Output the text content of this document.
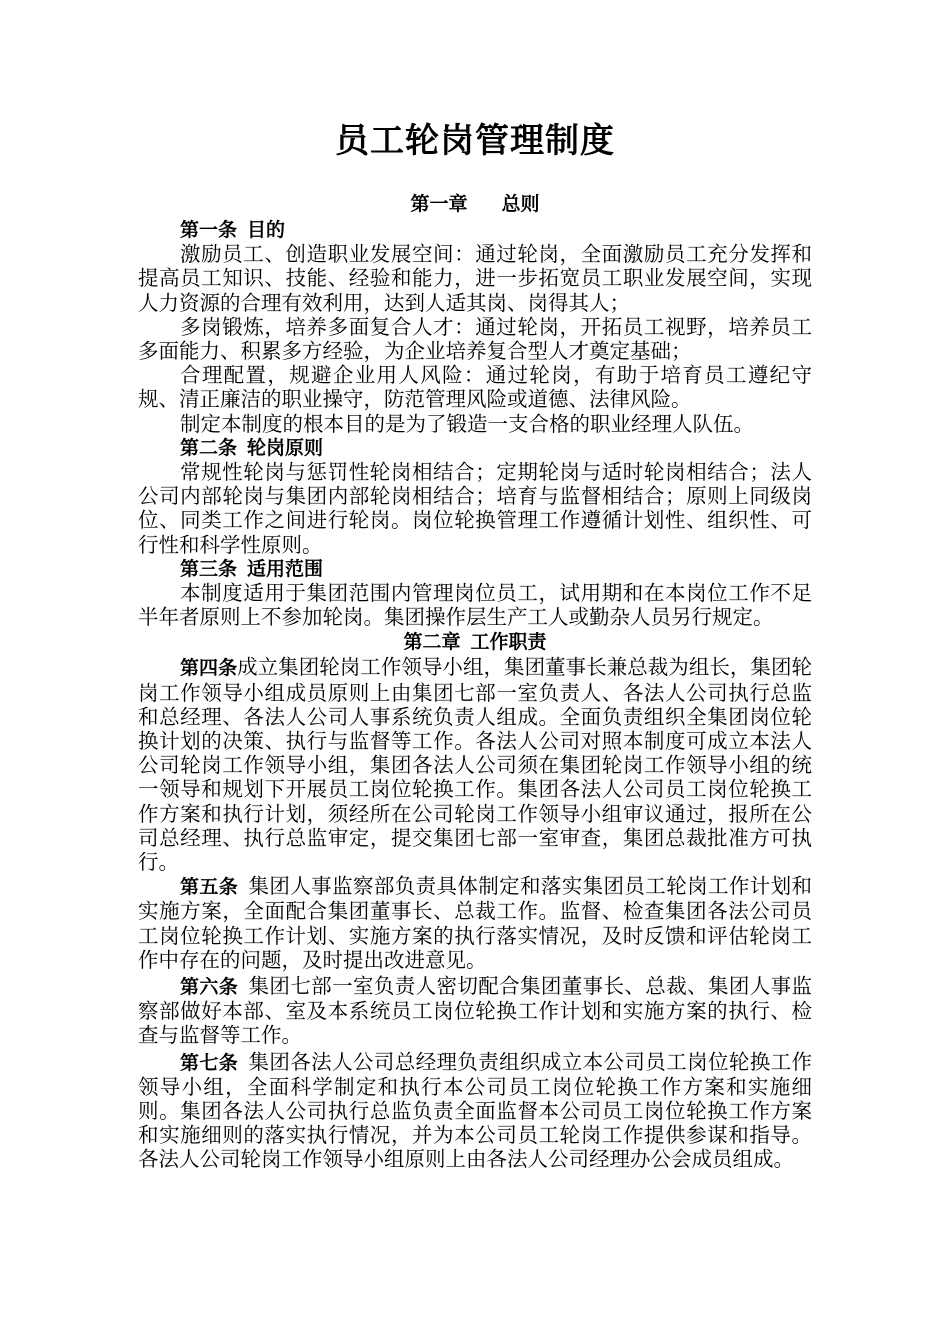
员工轮岗管理制度
第一章 总则
第一条 目的

激励员工、创造职业发展空间：通过轮岗，全面激励员工充分发挥和提高员工知识、技能、经验和能力，进一步拓宽员工职业发展空间，实现人力资源的合理有效利用，达到人适其岗、岗得其人；

多岗锻炼，培养多面复合人才：通过轮岗，开拓员工视野，培养员工多面能力、积累多方经验，为企业培养复合型人才奠定基础；

合理配置，规避企业用人风险：通过轮岗，有助于培育员工遵纪守规、清正廉洁的职业操守，防范管理风险或道德、法律风险。

制定本制度的根本目的是为了锻造一支合格的职业经理人队伍。

第二条 轮岗原则

常规性轮岗与惩罚性轮岗相结合；定期轮岗与适时轮岗相结合；法人公司内部轮岗与集团内部轮岗相结合；培育与监督相结合；原则上同级岗位、同类工作之间进行轮岗。岗位轮换管理工作遵循计划性、组织性、可行性和科学性原则。

第三条 适用范围

本制度适用于集团范围内管理岗位员工，试用期和在本岗位工作不足半年者原则上不参加轮岗。集团操作层生产工人或勤杂人员另行规定。

第二章 工作职责

第四条成立集团轮岗工作领导小组，集团董事长兼总裁为组长，集团轮岗工作领导小组成员原则上由集团七部一室负责人、各法人公司执行总监和总经理、各法人公司人事系统负责人组成。全面负责组织全集团岗位轮换计划的决策、执行与监督等工作。各法人公司对照本制度可成立本法人公司轮岗工作领导小组，集团各法人公司须在集团轮岗工作领导小组的统一领导和规划下开展员工岗位轮换工作。集团各法人公司员工岗位轮换工作方案和执行计划，须经所在公司轮岗工作领导小组审议通过，报所在公司总经理、执行总监审定，提交集团七部一室审查，集团总裁批准方可执行。

第五条 集团人事监察部负责具体制定和落实集团员工轮岗工作计划和实施方案，全面配合集团董事长、总裁工作。监督、检查集团各法公司员工岗位轮换工作计划、实施方案的执行落实情况，及时反馈和评估轮岗工作中存在的问题，及时提出改进意见。

第六条 集团七部一室负责人密切配合集团董事长、总裁、集团人事监察部做好本部、室及本系统员工岗位轮换工作计划和实施方案的执行、检查与监督等工作。

第七条 集团各法人公司总经理负责组织成立本公司员工岗位轮换工作领导小组，全面科学制定和执行本公司员工岗位轮换工作方案和实施细则。集团各法人公司执行总监负责全面监督本公司员工岗位轮换工作方案和实施细则的落实执行情况，并为本公司员工轮岗工作提供参谋和指导。各法人公司轮岗工作领导小组原则上由各法人公司经理办公会成员组成。
